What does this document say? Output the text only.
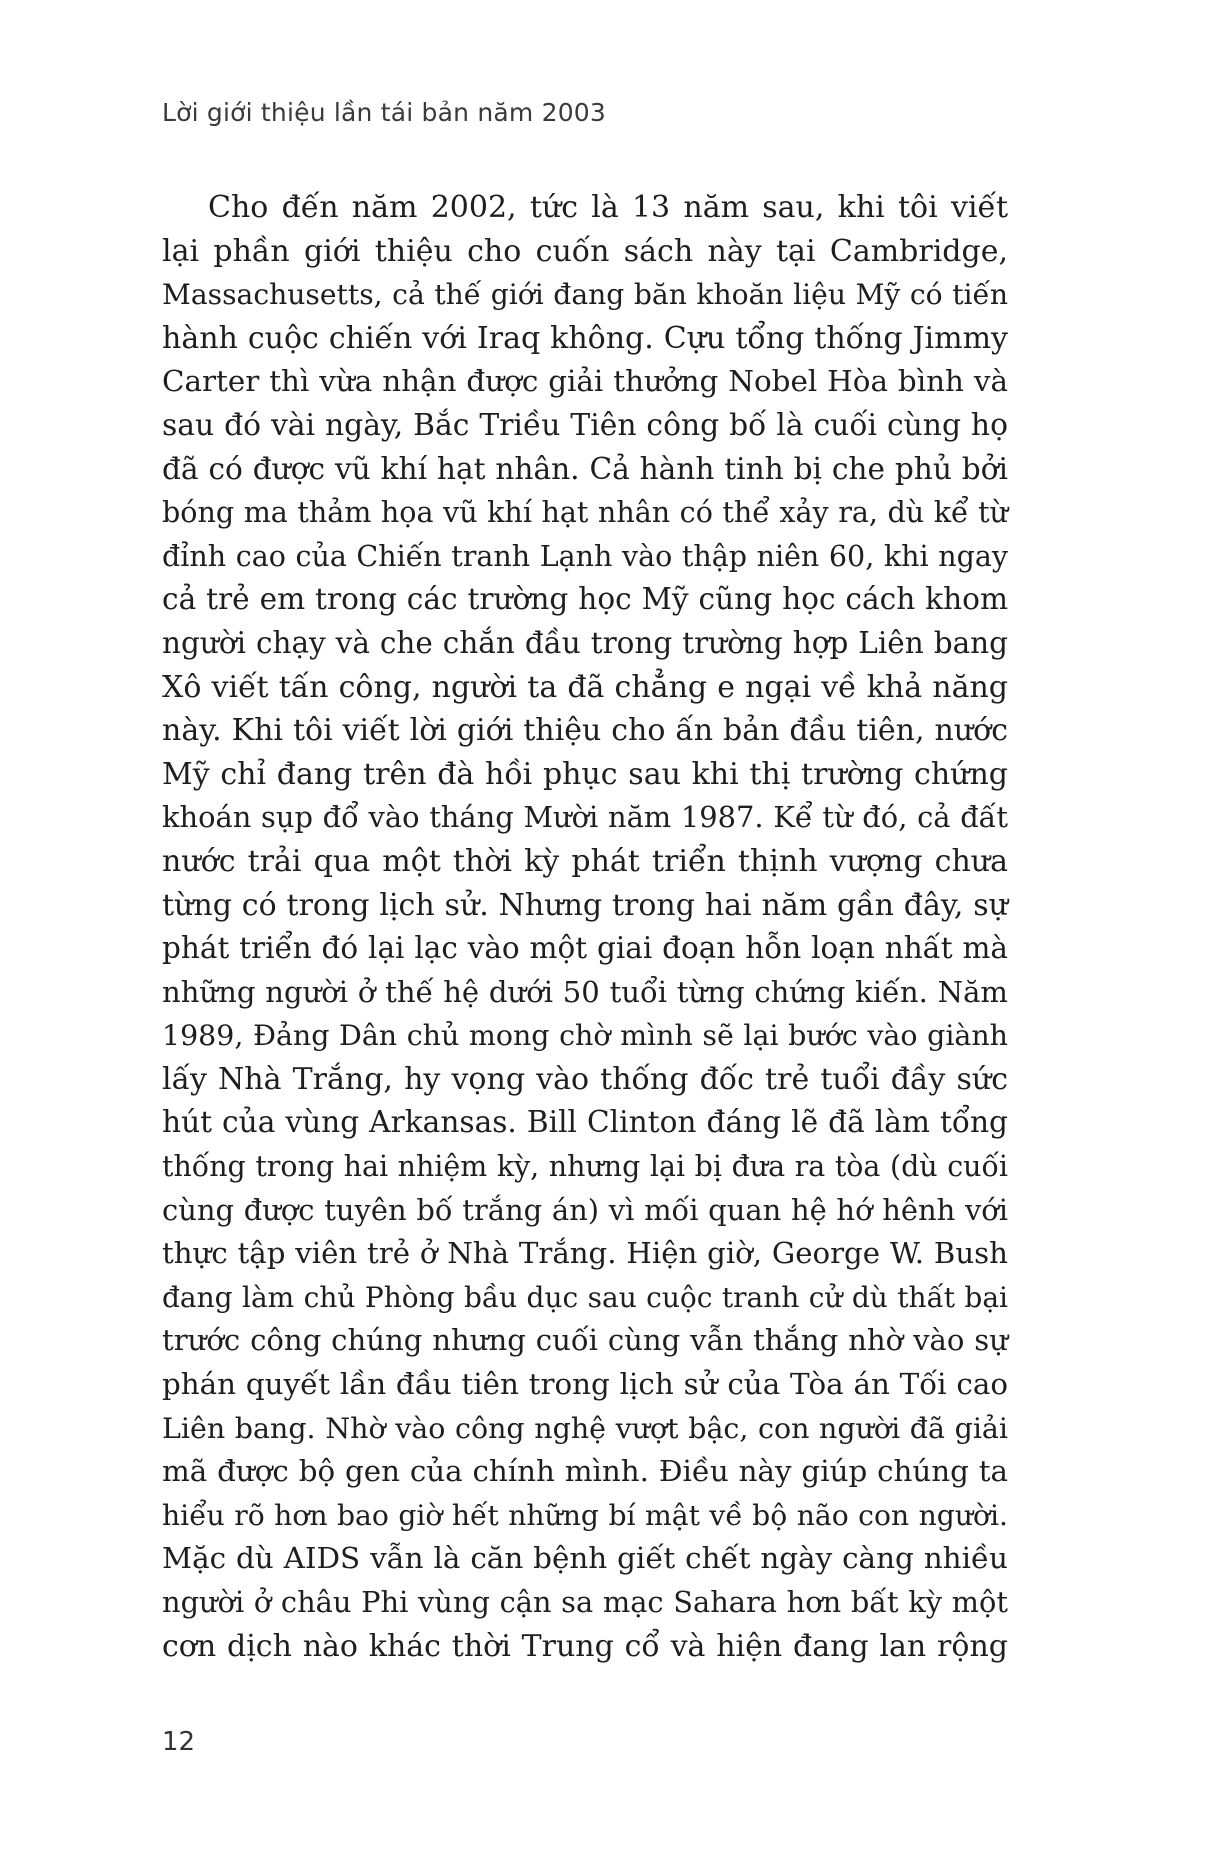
Lời giới thiệu lần tái bản năm 2003
Cho đến năm 2002, tức là 13 năm sau, khi tôi viết
lại phần giới thiệu cho cuốn sách này tại Cambridge,
Massachusetts, cả thế giới đang băn khoăn liệu Mỹ có tiến
hành cuộc chiến với Iraq không. Cựu tổng thống Jimmy
Carter thì vừa nhận được giải thưởng Nobel Hòa bình và
sau đó vài ngày, Bắc Triều Tiên công bố là cuối cùng họ
đã có được vũ khí hạt nhân. Cả hành tinh bị che phủ bởi
bóng ma thảm họa vũ khí hạt nhân có thể xảy ra, dù kể từ
đỉnh cao của Chiến tranh Lạnh vào thập niên 60, khi ngay
cả trẻ em trong các trường học Mỹ cũng học cách khom
người chạy và che chắn đầu trong trường hợp Liên bang
Xô viết tấn công, người ta đã chẳng e ngại về khả năng
này. Khi tôi viết lời giới thiệu cho ấn bản đầu tiên, nước
Mỹ chỉ đang trên đà hồi phục sau khi thị trường chứng
khoán sụp đổ vào tháng Mười năm 1987. Kể từ đó, cả đất
nước trải qua một thời kỳ phát triển thịnh vượng chưa
từng có trong lịch sử. Nhưng trong hai năm gần đây, sự
phát triển đó lại lạc vào một giai đoạn hỗn loạn nhất mà
những người ở thế hệ dưới 50 tuổi từng chứng kiến. Năm
1989, Đảng Dân chủ mong chờ mình sẽ lại bước vào giành
lấy Nhà Trắng, hy vọng vào thống đốc trẻ tuổi đầy sức
hút của vùng Arkansas. Bill Clinton đáng lẽ đã làm tổng
thống trong hai nhiệm kỳ, nhưng lại bị đưa ra tòa (dù cuối
cùng được tuyên bố trắng án) vì mối quan hệ hớ hênh với
thực tập viên trẻ ở Nhà Trắng. Hiện giờ, George W. Bush
đang làm chủ Phòng bầu dục sau cuộc tranh cử dù thất bại
trước công chúng nhưng cuối cùng vẫn thắng nhờ vào sự
phán quyết lần đầu tiên trong lịch sử của Tòa án Tối cao
Liên bang. Nhờ vào công nghệ vượt bậc, con người đã giải
mã được bộ gen của chính mình. Điều này giúp chúng ta
hiểu rõ hơn bao giờ hết những bí mật về bộ não con người.
Mặc dù AIDS vẫn là căn bệnh giết chết ngày càng nhiều
người ở châu Phi vùng cận sa mạc Sahara hơn bất kỳ một
cơn dịch nào khác thời Trung cổ và hiện đang lan rộng
12
